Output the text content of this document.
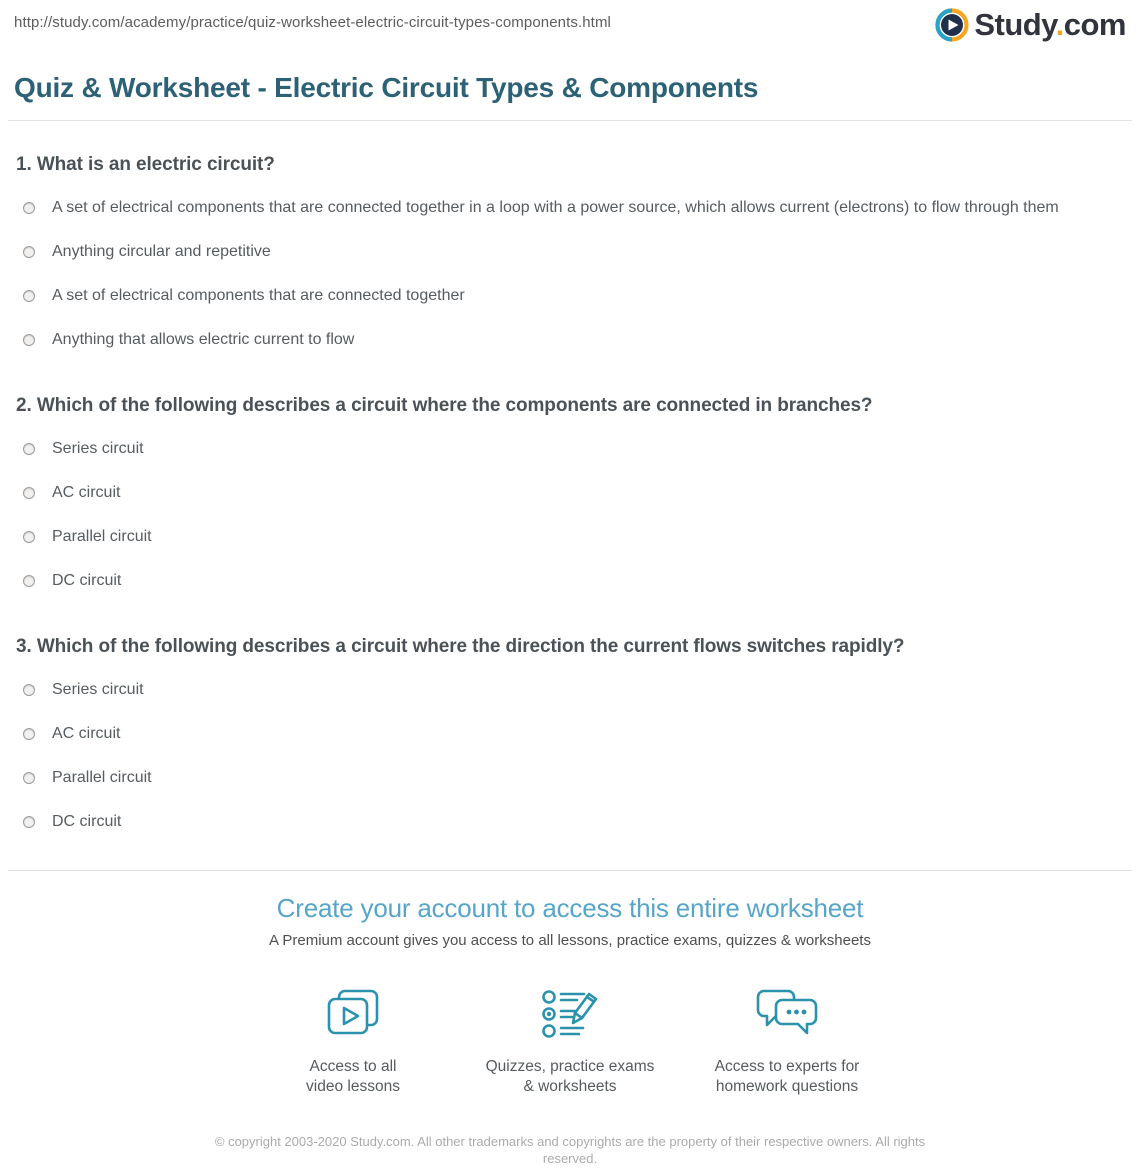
http://study.com/academy/practice/quiz-worksheet-electric-circuit-types-components.html	Study.com
Quiz & Worksheet - Electric Circuit Types & Components
1. What is an electric circuit?
A set of electrical components that are connected together in a loop with a power source, which allows current (electrons) to flow through them
Anything circular and repetitive
A set of electrical components that are connected together
Anything that allows electric current to flow
2. Which of the following describes a circuit where the components are connected in branches?
Series circuit
AC circuit
Parallel circuit
DC circuit
3. Which of the following describes a circuit where the direction the current flows switches rapidly?
Series circuit
AC circuit
Parallel circuit
DC circuit
Create your account to access this entire worksheet
A Premium account gives you access to all lessons, practice exams, quizzes & worksheets
Access to all
video lessons
Quizzes, practice exams
& worksheets
Access to experts for
homework questions
© copyright 2003-2020 Study.com. All other trademarks and copyrights are the property of their respective owners. All rights reserved.
